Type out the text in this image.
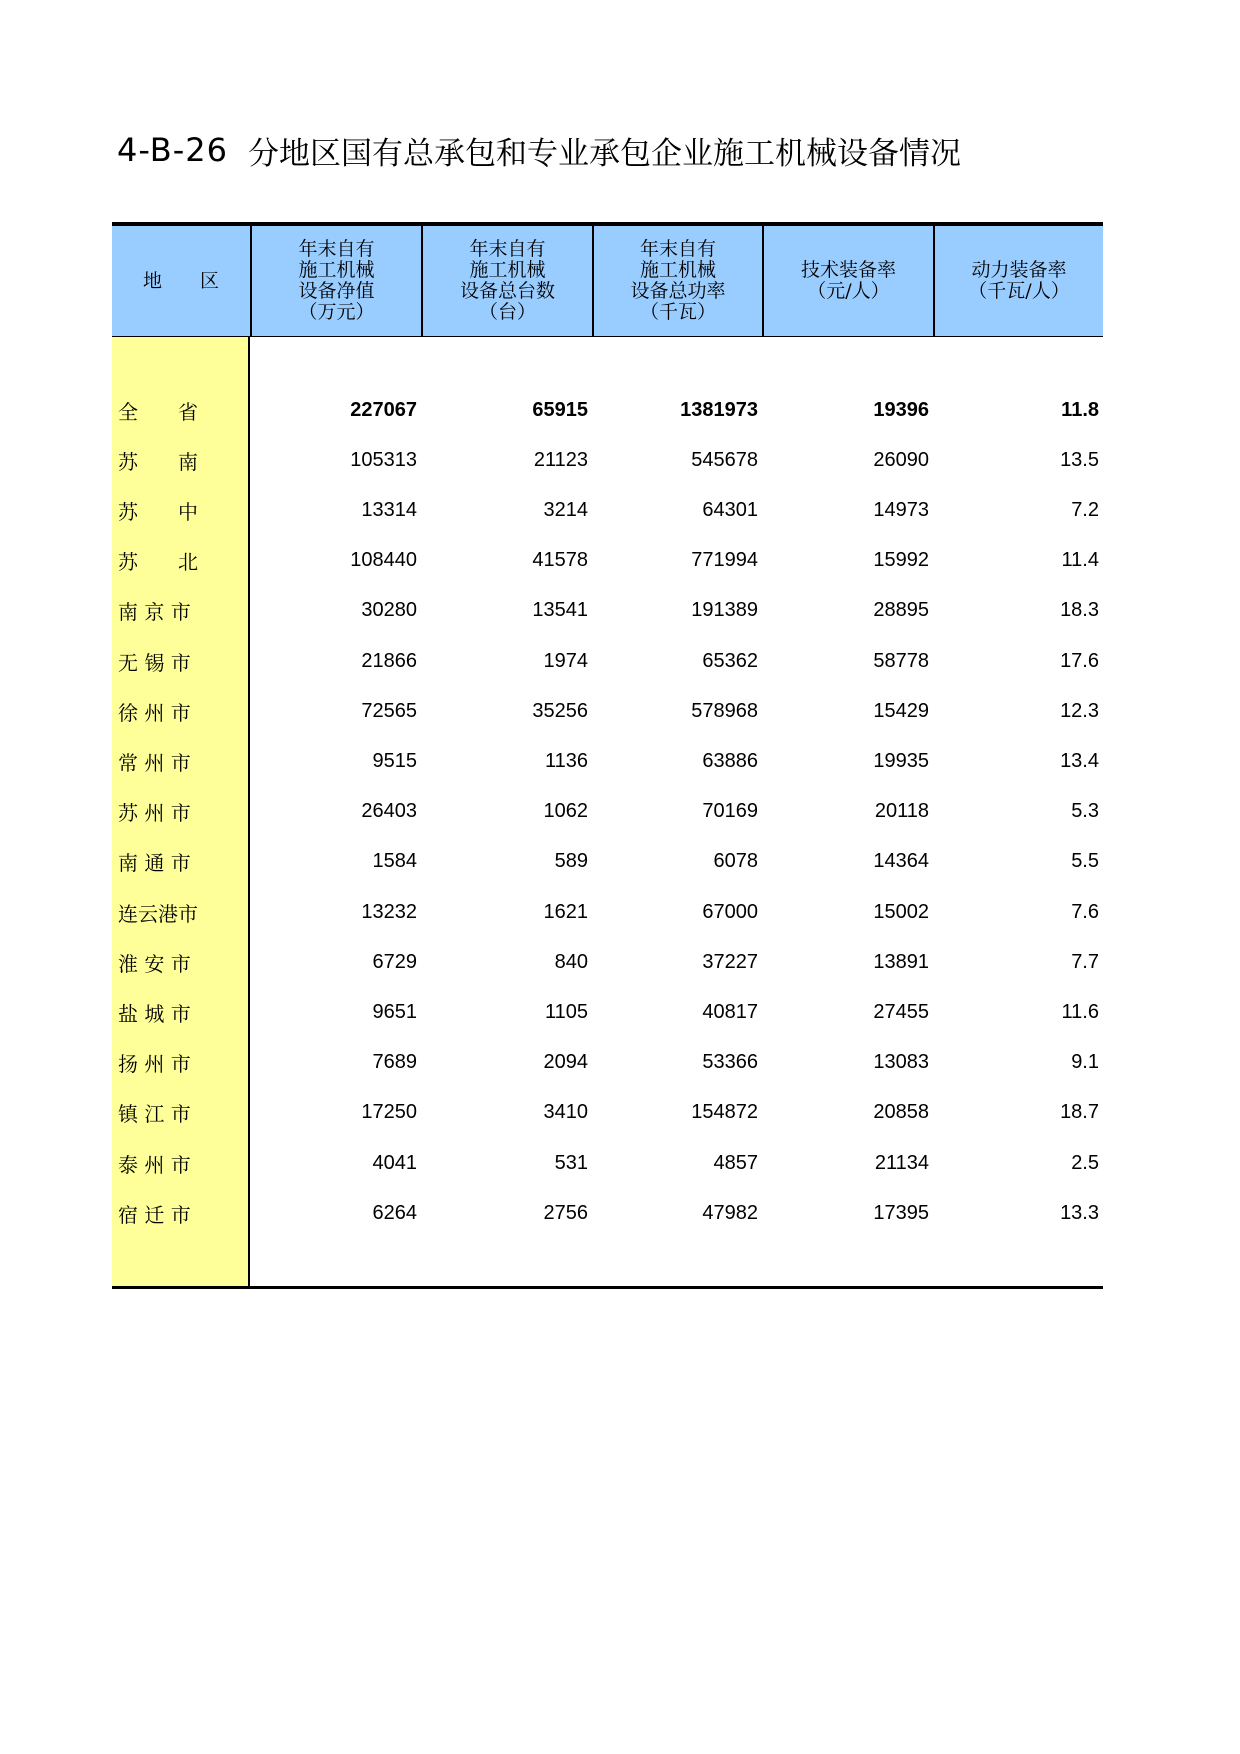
4-B-26 分地区国有总承包和专业承包企业施工机械设备情况
地　　区
年末自有
施工机械
设备净值
（万元）
年末自有
施工机械
设备总台数
（台）
年末自有
施工机械
设备总功率
（千瓦）
技术装备率
（元/人）
动力装备率
（千瓦/人）
全　　省	227067	65915	1381973	19396	11.8
苏　　南	105313	21123	545678	26090	13.5
苏　　中	13314	3214	64301	14973	7.2
苏　　北	108440	41578	771994	15992	11.4
南 京 市	30280	13541	191389	28895	18.3
无 锡 市	21866	1974	65362	58778	17.6
徐 州 市	72565	35256	578968	15429	12.3
常 州 市	9515	1136	63886	19935	13.4
苏 州 市	26403	1062	70169	20118	5.3
南 通 市	1584	589	6078	14364	5.5
连云港市	13232	1621	67000	15002	7.6
淮 安 市	6729	840	37227	13891	7.7
盐 城 市	9651	1105	40817	27455	11.6
扬 州 市	7689	2094	53366	13083	9.1
镇 江 市	17250	3410	154872	20858	18.7
泰 州 市	4041	531	4857	21134	2.5
宿 迁 市	6264	2756	47982	17395	13.3
